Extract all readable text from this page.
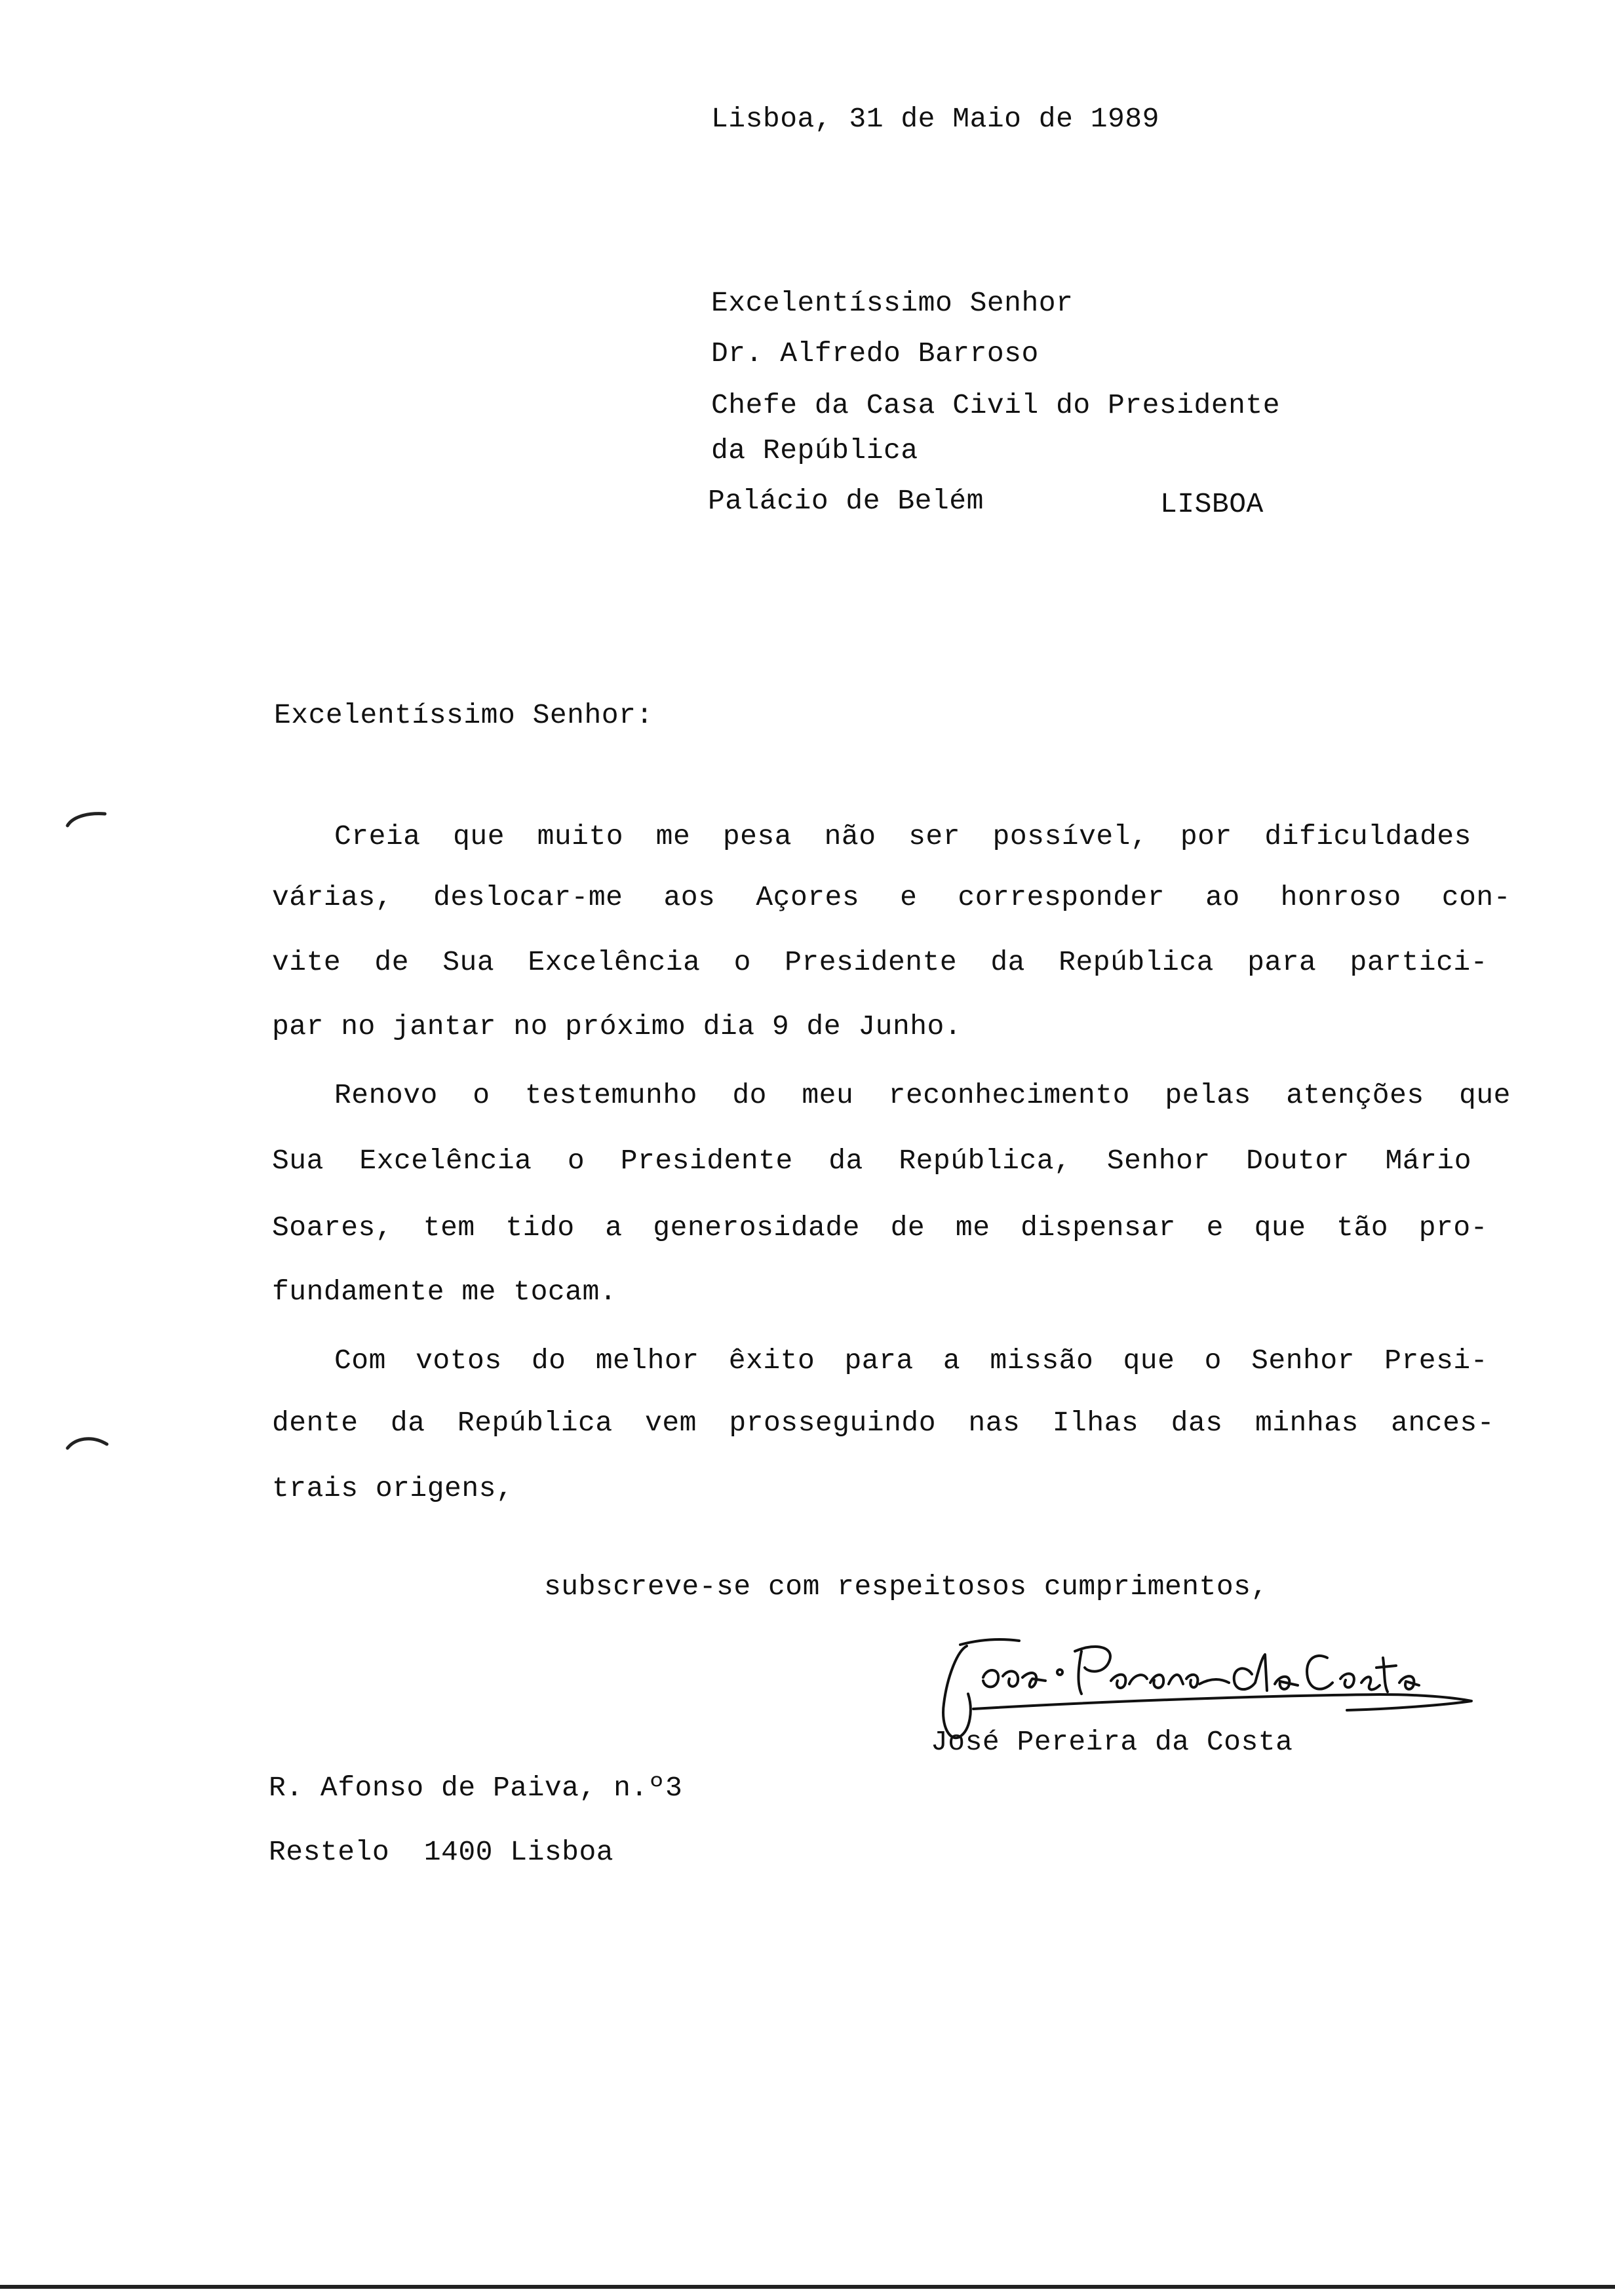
Lisboa, 31 de Maio de 1989
Excelentíssimo Senhor
Dr. Alfredo Barroso
Chefe da Casa Civil do Presidente
da República
Palácio de Belém	LISBOA
Excelentíssimo Senhor:
Creia que muito me pesa não ser possível, por dificuldades
várias, deslocar-me aos Açores e corresponder ao honroso con-
vite de Sua Excelência o Presidente da República para partici-
par no jantar no próximo dia 9 de Junho.
Renovo o testemunho do meu reconhecimento pelas atenções que
Sua Excelência o Presidente da República, Senhor Doutor Mário
Soares, tem tido a generosidade de me dispensar e que tão pro-
fundamente me tocam.
Com votos do melhor êxito para a missão que o Senhor Presi-
dente da República vem prosseguindo nas Ilhas das minhas ances-
trais origens,
subscreve-se com respeitosos cumprimentos,
José Pereira da Costa
R. Afonso de Paiva, n.º3
Restelo  1400 Lisboa
